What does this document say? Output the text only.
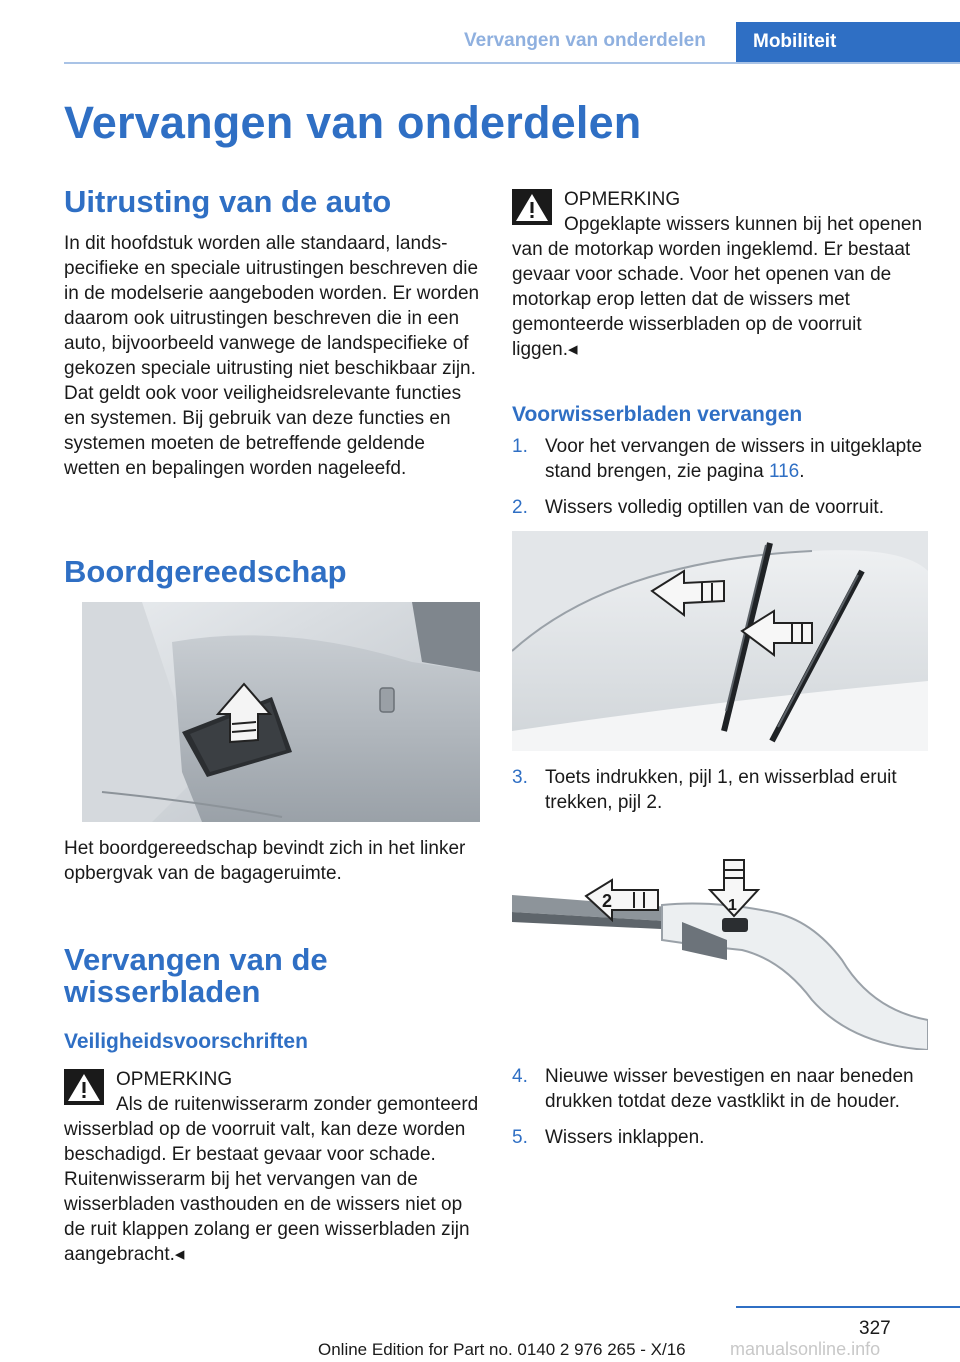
Vervangen van onderdelen	Mobiliteit
Vervangen van onderdelen
Uitrusting van de auto

In dit hoofdstuk worden alle standaard, landspecifieke en speciale uitrustingen beschreven die in de modelserie aangeboden worden. Er worden daarom ook uitrustingen beschreven die in een auto, bijvoorbeeld vanwege de landspecifieke of gekozen speciale uitrusting niet beschikbaar zijn. Dat geldt ook voor veiligheidsrelevante functies en systemen. Bij gebruik van deze functies en systemen moeten de betreffende geldende wetten en bepalingen worden nageleefd.

Boordgereedschap

Het boordgereedschap bevindt zich in het linker opbergvak van de bagageruimte.

Vervangen van de wisserbladen
Veiligheidsvoorschriften
OPMERKING

Als de ruitenwisserarm zonder gemonteerd wisserblad op de voorruit valt, kan deze worden beschadigd. Er bestaat gevaar voor schade. Ruitenwisserarm bij het vervangen van de wisserbladen vasthouden en de wissers niet op de ruit klappen zolang er geen wisserbladen zijn aangebracht.◂

OPMERKING

Opgeklapte wissers kunnen bij het openen van de motorkap worden ingeklemd. Er bestaat gevaar voor schade. Voor het openen van de motorkap erop letten dat de wissers met gemonteerde wisserbladen op de voorruit liggen.◂

Voorwisserbladen vervangen
1. Voor het vervangen de wissers in uitgeklapte stand brengen, zie pagina 116.
2. Wissers volledig optillen van de voorruit.
3. Toets indrukken, pijl 1, en wisserblad eruit trekken, pijl 2.
2	1
4. Nieuwe wisser bevestigen en naar beneden drukken totdat deze vastklikt in de houder.
5. Wissers inklappen.
327
Online Edition for Part no. 0140 2 976 265 - X/16 manualsonline.info
